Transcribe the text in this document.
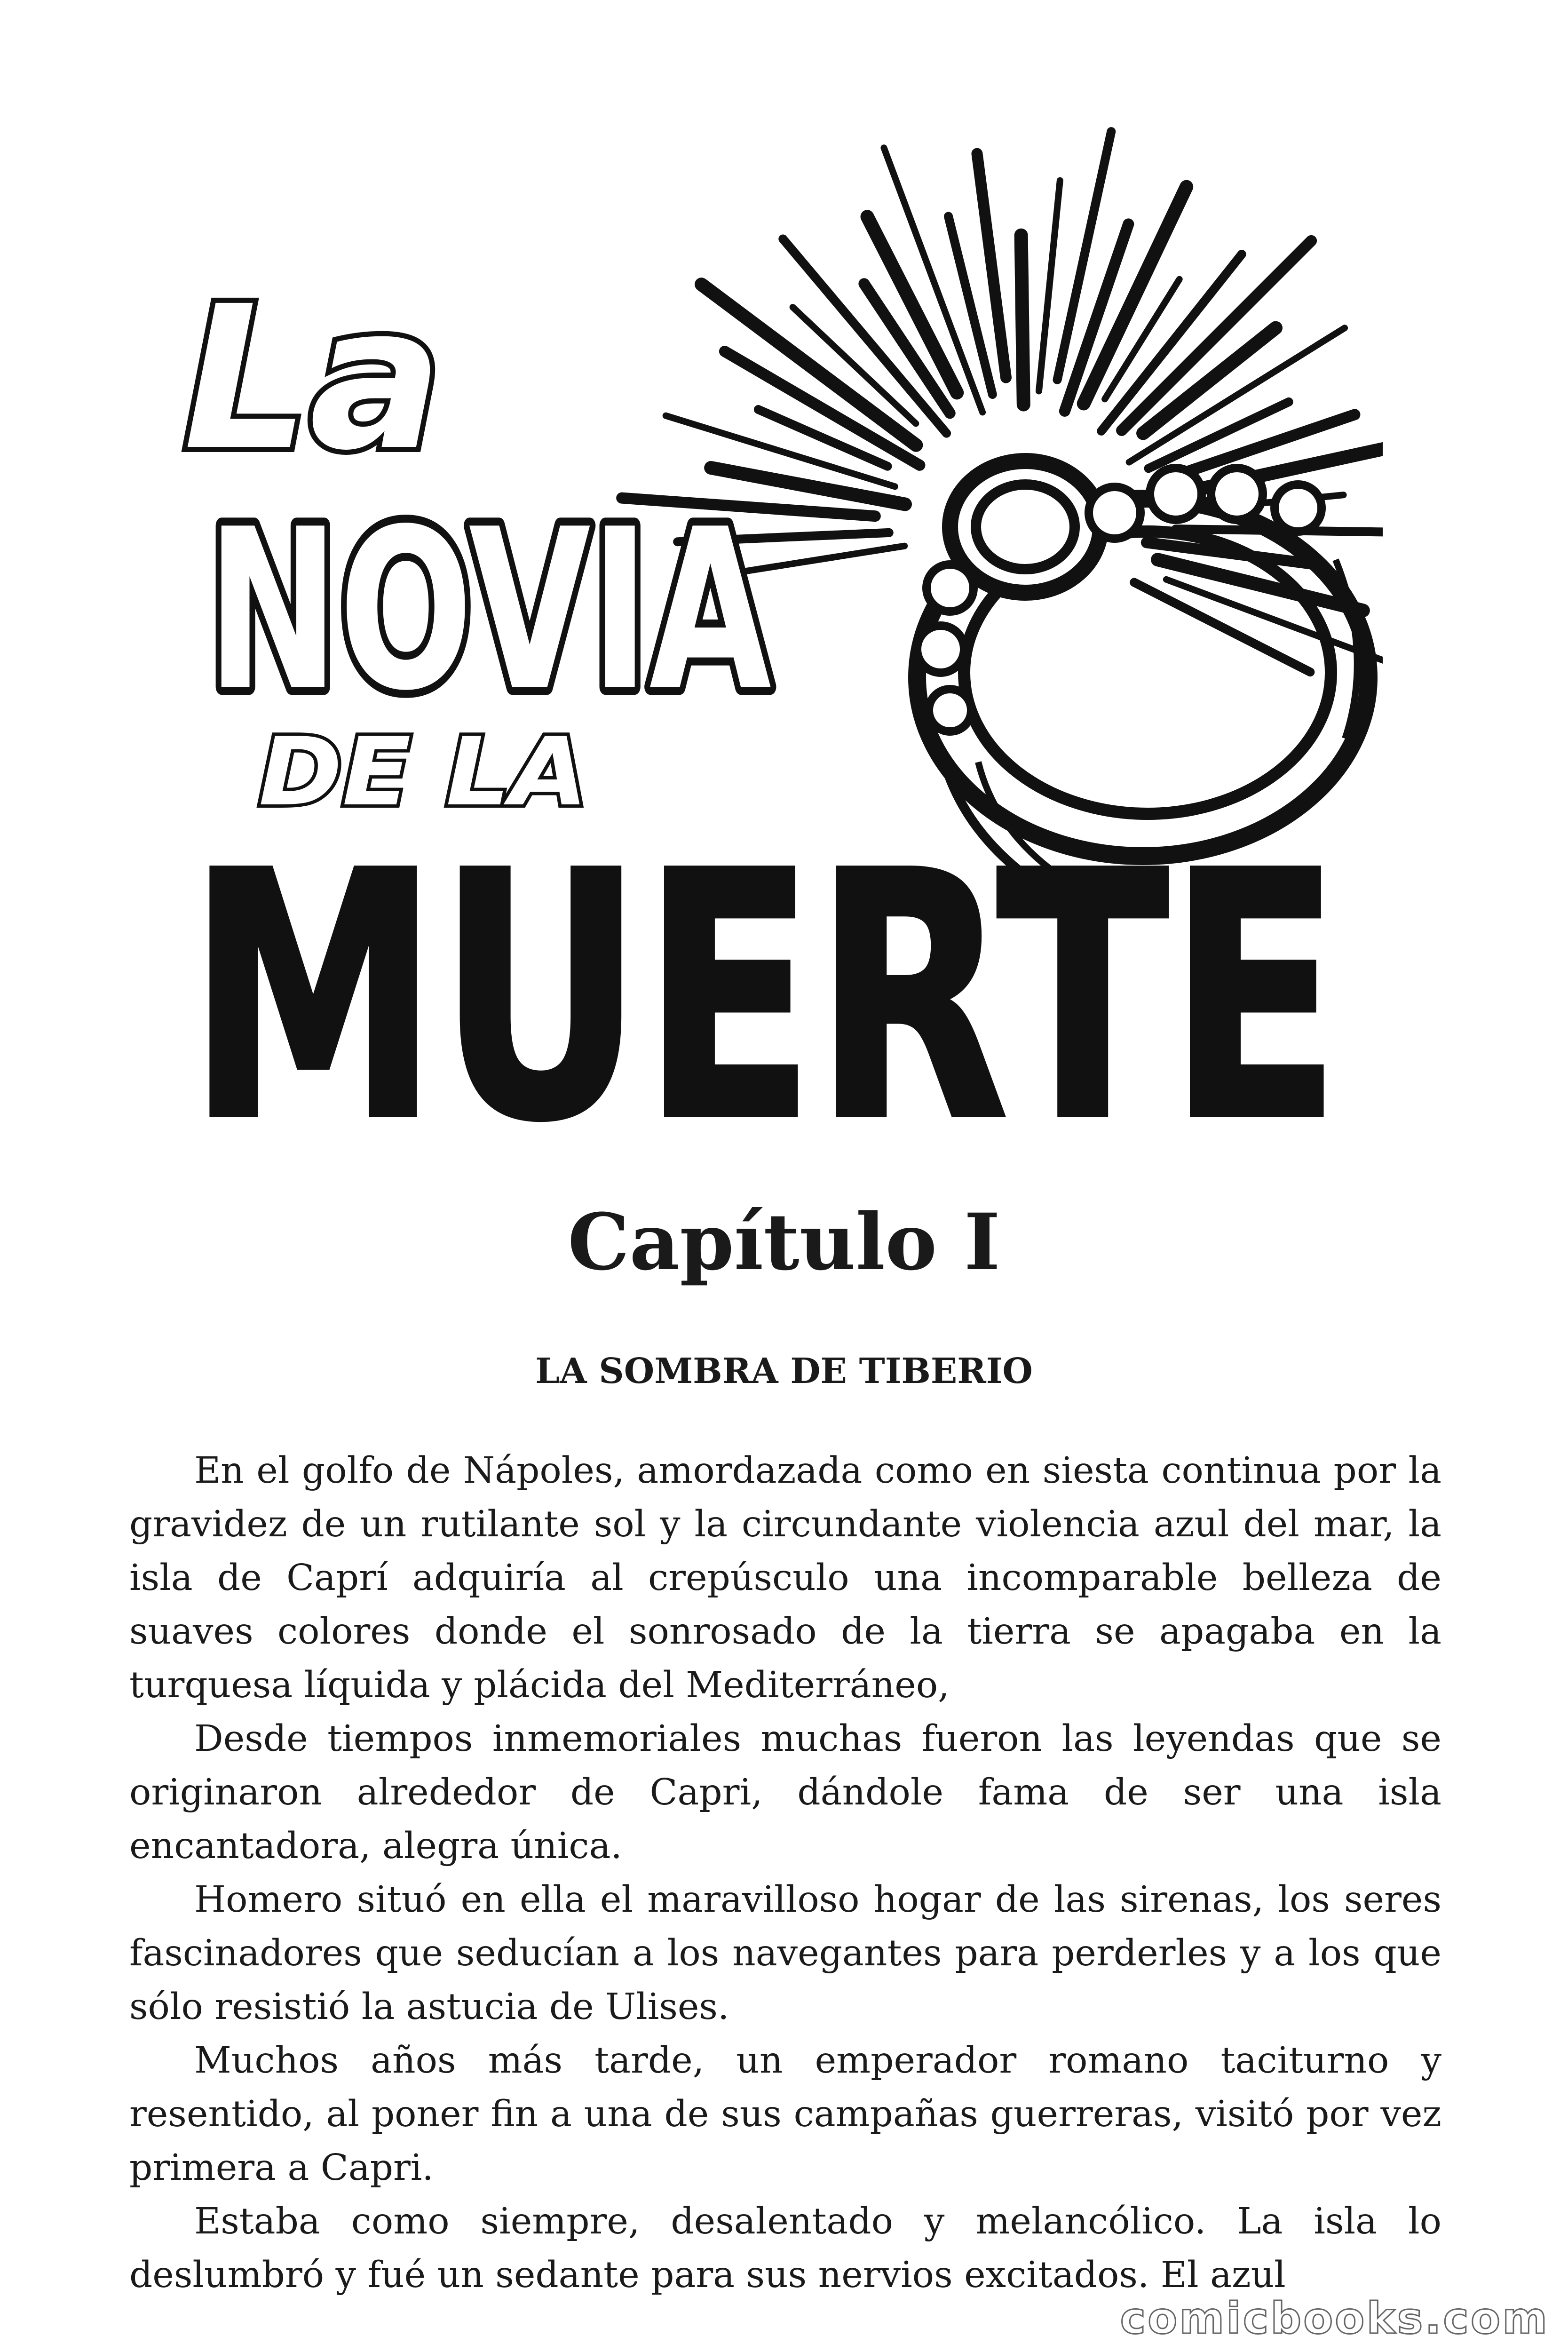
La
NOVIA
DE LA
MUERTE
Capítulo I
LA SOMBRA DE TIBERIO

En el golfo de Nápoles, amordazada como en siesta continua por la gravidez de un rutilante sol y la circundante violencia azul del mar, la isla de Caprí adquiría al crepúsculo una incomparable belleza de suaves colores donde el sonrosado de la tierra se apagaba en la turquesa líquida y plácida del Mediterráneo,

Desde tiempos inmemoriales muchas fueron las leyendas que se originaron alrededor de Capri, dándole fama de ser una isla encantadora, alegra única.

Homero situó en ella el maravilloso hogar de las sirenas, los seres fascinadores que seducían a los navegantes para perderles y a los que sólo resistió la astucia de Ulises.

Muchos años más tarde, un emperador romano taciturno y resentido, al poner fin a una de sus campañas guerreras, visitó por vez primera a Capri.

Estaba como siempre, desalentado y melancólico. La isla lo deslumbró y fué un sedante para sus nervios excitados. El azul

comicbooks.com
